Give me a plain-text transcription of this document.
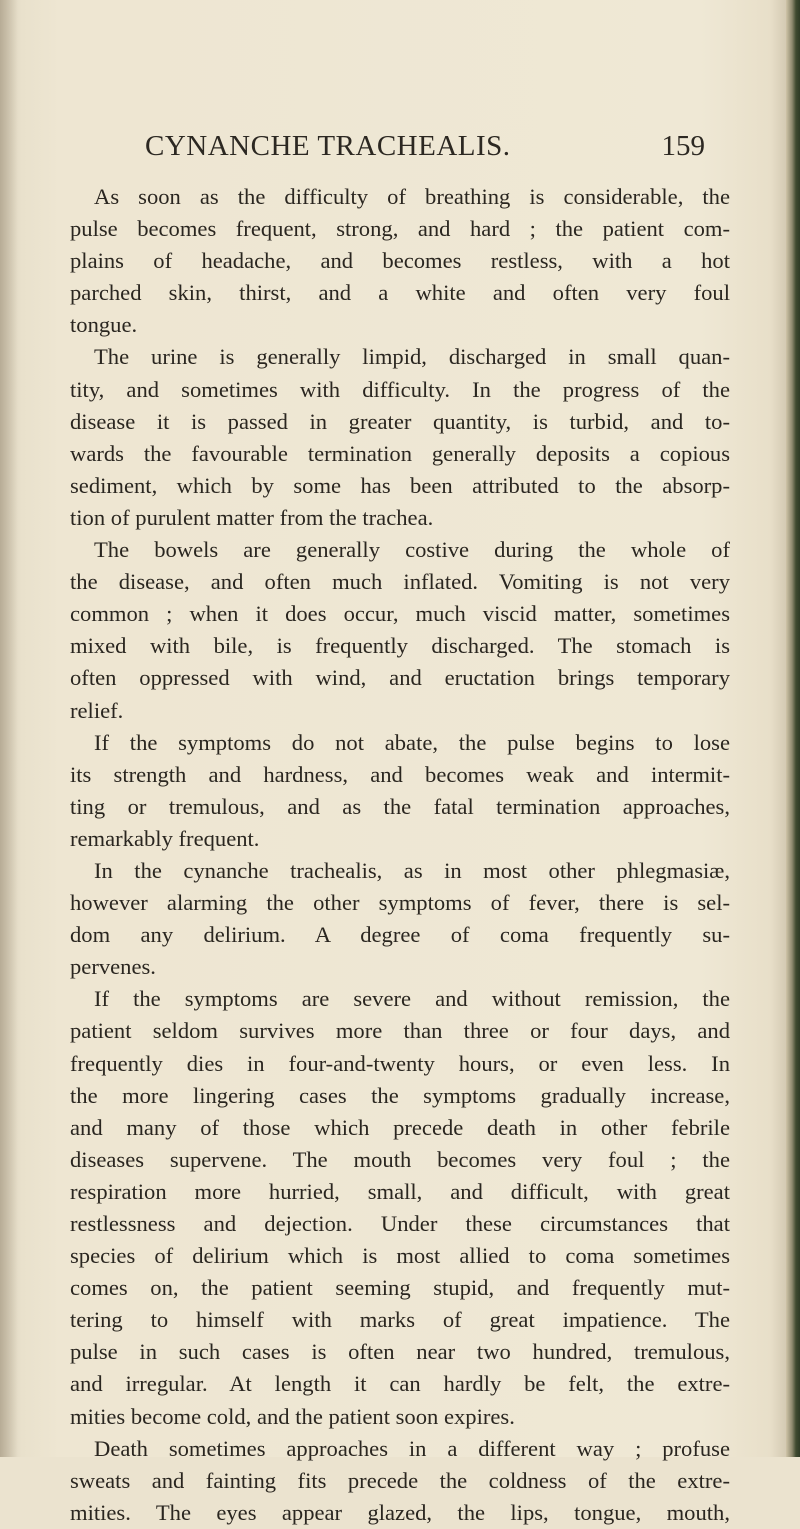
CYNANCHE TRACHEALIS.	159
As soon as the difficulty of breathing is considerable, the
pulse becomes frequent, strong, and hard ; the patient com-
plains of headache, and becomes restless, with a hot
parched skin, thirst, and a white and often very foul
tongue.
The urine is generally limpid, discharged in small quan-
tity, and sometimes with difficulty. In the progress of the
disease it is passed in greater quantity, is turbid, and to-
wards the favourable termination generally deposits a copious
sediment, which by some has been attributed to the absorp-
tion of purulent matter from the trachea.
The bowels are generally costive during the whole of
the disease, and often much inflated. Vomiting is not very
common ; when it does occur, much viscid matter, sometimes
mixed with bile, is frequently discharged. The stomach is
often oppressed with wind, and eructation brings temporary
relief.
If the symptoms do not abate, the pulse begins to lose
its strength and hardness, and becomes weak and intermit-
ting or tremulous, and as the fatal termination approaches,
remarkably frequent.
In the cynanche trachealis, as in most other phlegmasiæ,
however alarming the other symptoms of fever, there is sel-
dom any delirium. A degree of coma frequently su-
pervenes.
If the symptoms are severe and without remission, the
patient seldom survives more than three or four days, and
frequently dies in four-and-twenty hours, or even less. In
the more lingering cases the symptoms gradually increase,
and many of those which precede death in other febrile
diseases supervene. The mouth becomes very foul ; the
respiration more hurried, small, and difficult, with great
restlessness and dejection. Under these circumstances that
species of delirium which is most allied to coma sometimes
comes on, the patient seeming stupid, and frequently mut-
tering to himself with marks of great impatience. The
pulse in such cases is often near two hundred, tremulous,
and irregular. At length it can hardly be felt, the extre-
mities become cold, and the patient soon expires.
Death sometimes approaches in a different way ; profuse
sweats and fainting fits precede the coldness of the extre-
mities. The eyes appear glazed, the lips, tongue, mouth,
